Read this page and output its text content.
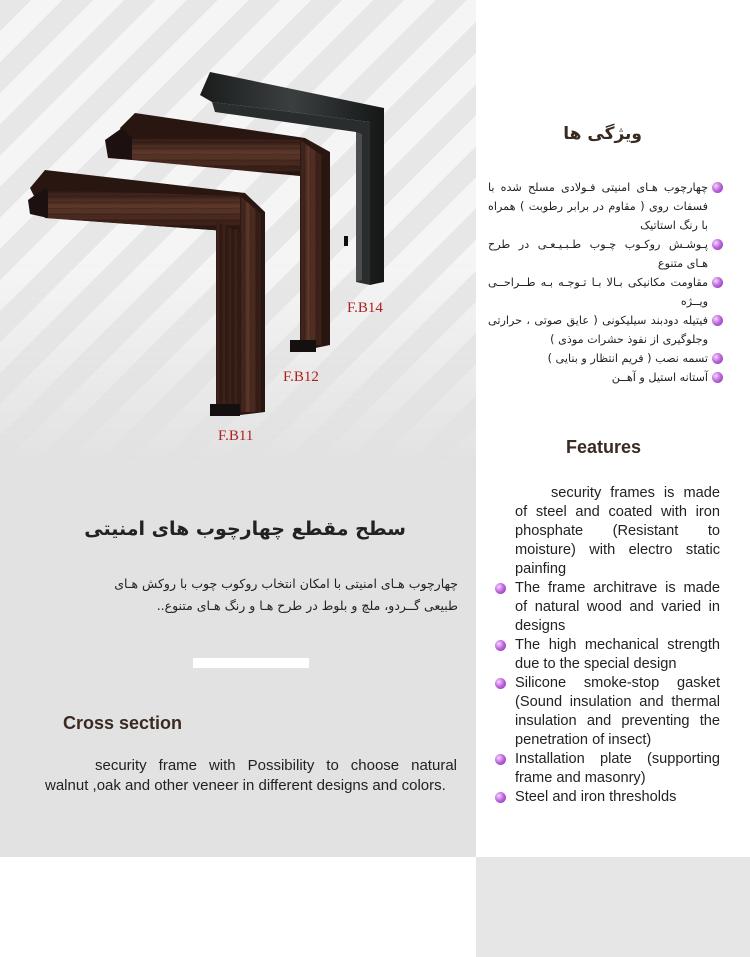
F.B14
F.B12
F.B11
سطح مقطع چهارچوب های امنیتی
چهارچوب هـای امنیتی با امکان انتخاب روکوب چوب با روکش هـای
طبیعی گــردو، ملچ و بلوط در طرح هـا و رنگ هـای متنوع..
Cross section
security frame with Possibility to choose natural walnut ,oak and other veneer in different designs and colors.
ویژگی ها
چهارچوب هـای امنیتی فـولادی مسلح شده با فسفات روی ( مقاوم در برابر رطوبت ) همراه با رنگ استاتیک
پـوشـش روکـوب چـوب طـبـیـعـی در طرح هـای متنوع
مقاومت مکانیکی بـالا بـا تـوجـه بـه طــراحــی ویــژه
فیتیله دودبند سیلیکونی ( عایق صوتی ، حرارتی وجلوگیری از نفوذ حشرات موذی )
تسمه نصب ( فریم انتظار و بنایی )
آستانه استیل و آهــن
Features
security frames is made of steel and coated with iron phosphate (Resistant to moisture) with electro static painfing
The frame architrave is made of natural wood and varied in designs
The high mechanical strength due to the special design
Silicone smoke-stop gasket (Sound insulation and thermal insulation and preventing the penetration of insect)
Installation plate (supporting frame and masonry)
Steel and iron thresholds
